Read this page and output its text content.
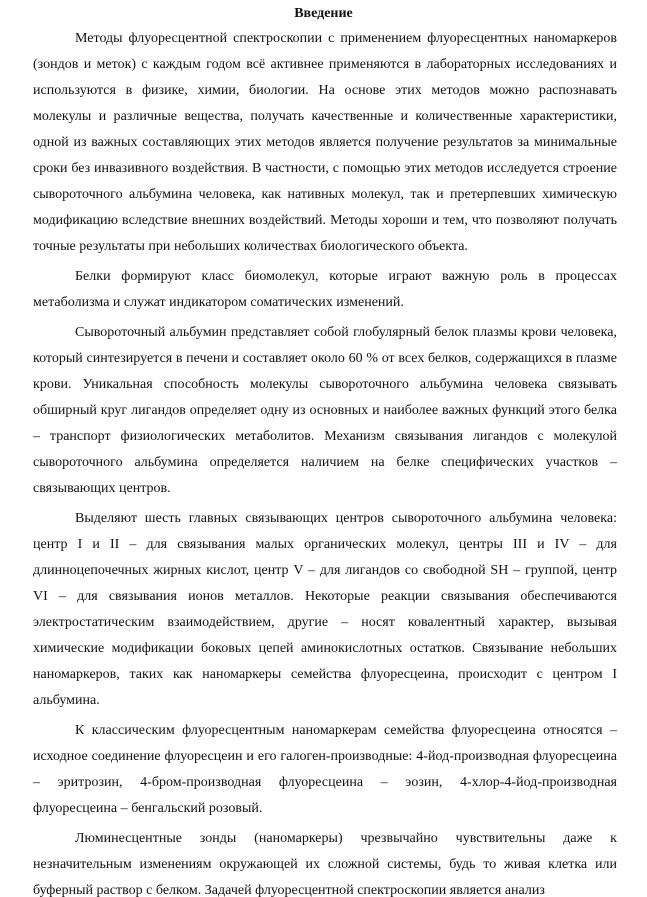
Введение

Методы флуоресцентной спектроскопии с применением флуоресцентных наномаркеров (зондов и меток) с каждым годом всё активнее применяются в лабораторных исследованиях и используются в физике, химии, биологии. На основе этих методов можно распознавать молекулы и различные вещества, получать качественные и количественные характеристики, одной из важных составляющих этих методов является получение результатов за минимальные сроки без инвазивного воздействия. В частности, с помощью этих методов исследуется строение сывороточного альбумина человека, как нативных молекул, так и претерпевших химическую модификацию вследствие внешних воздействий. Методы хороши и тем, что позволяют получать точные результаты при небольших количествах биологического объекта.

Белки формируют класс биомолекул, которые играют важную роль в процессах метаболизма и служат индикатором соматических изменений.

Сывороточный альбумин представляет собой глобулярный белок плазмы крови человека, который синтезируется в печени и составляет около 60 % от всех белков, содержащихся в плазме крови. Уникальная способность молекулы сывороточного альбумина человека связывать обширный круг лигандов определяет одну из основных и наиболее важных функций этого белка – транспорт физиологических метаболитов. Механизм связывания лигандов с молекулой сывороточного альбумина определяется наличием на белке специфических участков – связывающих центров.

Выделяют шесть главных связывающих центров сывороточного альбумина человека: центр I и II – для связывания малых органических молекул, центры III и IV – для длинноцепочечных жирных кислот, центр V – для лигандов со свободной SH – группой, центр VI – для связывания ионов металлов. Некоторые реакции связывания обеспечиваются электростатическим взаимодействием, другие – носят ковалентный характер, вызывая химические модификации боковых цепей аминокислотных остатков. Связывание небольших наномаркеров, таких как наномаркеры семейства флуоресцеина, происходит с центром I альбумина.

К классическим флуоресцентным наномаркерам семейства флуоресцеина относятся – исходное соединение флуоресцеин и его галоген-производные: 4-йод-производная флуоресцеина – эритрозин, 4-бром-производная флуоресцеина – эозин, 4-хлор-4-йод-производная флуоресцеина – бенгальский розовый.

Люминесцентные зонды (наномаркеры) чрезвычайно чувствительны даже к незначительным изменениям окружающей их сложной системы, будь то живая клетка или буферный раствор с белком. Задачей флуоресцентной спектроскопии является анализ
